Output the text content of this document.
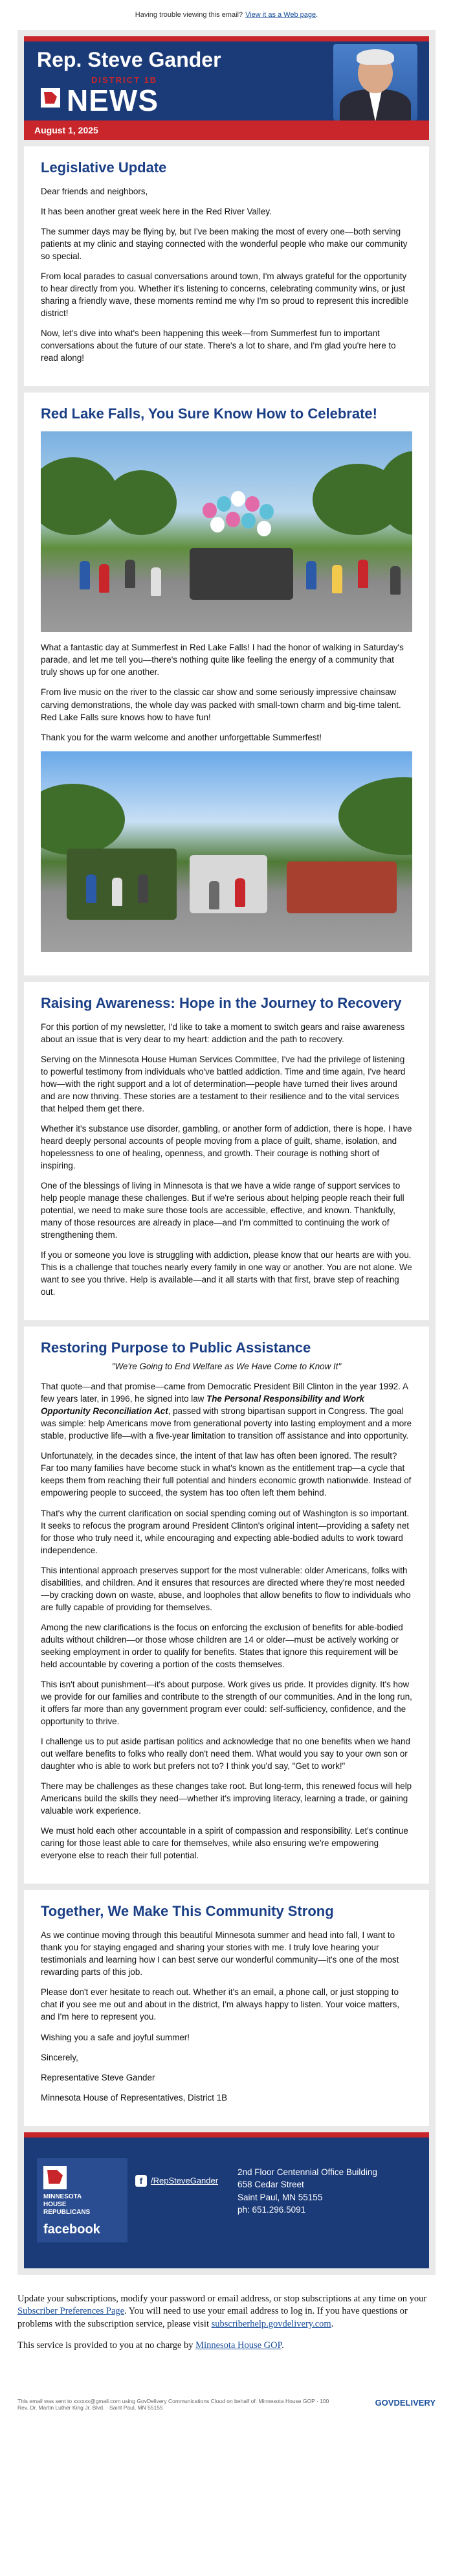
Having trouble viewing this email? View it as a Web page .
Rep. Steve Gander
DISTRICT 1B
NEWS
August 1, 2025
Legislative Update

Dear friends and neighbors,

It has been another great week here in the Red River Valley.

The summer days may be flying by, but I've been making the most of every one—both serving patients at my clinic and staying connected with the wonderful people who make our community so special.

From local parades to casual conversations around town, I'm always grateful for the opportunity to hear directly from you. Whether it's listening to concerns, celebrating community wins, or just sharing a friendly wave, these moments remind me why I'm so proud to represent this incredible district!

Now, let's dive into what's been happening this week—from Summerfest fun to important conversations about the future of our state. There's a lot to share, and I'm glad you're here to read along!

Red Lake Falls, You Sure Know How to Celebrate!

What a fantastic day at Summerfest in Red Lake Falls! I had the honor of walking in Saturday's parade, and let me tell you—there's nothing quite like feeling the energy of a community that truly shows up for one another.

From live music on the river to the classic car show and some seriously impressive chainsaw carving demonstrations, the whole day was packed with small-town charm and big-time talent. Red Lake Falls sure knows how to have fun!

Thank you for the warm welcome and another unforgettable Summerfest!

Raising Awareness: Hope in the Journey to Recovery

For this portion of my newsletter, I'd like to take a moment to switch gears and raise awareness about an issue that is very dear to my heart: addiction and the path to recovery.

Serving on the Minnesota House Human Services Committee, I've had the privilege of listening to powerful testimony from individuals who've battled addiction. Time and time again, I've heard how—with the right support and a lot of determination—people have turned their lives around and are now thriving. These stories are a testament to their resilience and to the vital services that helped them get there.

Whether it's substance use disorder, gambling, or another form of addiction, there is hope. I have heard deeply personal accounts of people moving from a place of guilt, shame, isolation, and hopelessness to one of healing, openness, and growth. Their courage is nothing short of inspiring.

One of the blessings of living in Minnesota is that we have a wide range of support services to help people manage these challenges. But if we're serious about helping people reach their full potential, we need to make sure those tools are accessible, effective, and known. Thankfully, many of those resources are already in place—and I'm committed to continuing the work of strengthening them.

If you or someone you love is struggling with addiction, please know that our hearts are with you. This is a challenge that touches nearly every family in one way or another. You are not alone. We want to see you thrive. Help is available—and it all starts with that first, brave step of reaching out.

Restoring Purpose to Public Assistance
"We're Going to End Welfare as We Have Come to Know It"

That quote—and that promise—came from Democratic President Bill Clinton in the year 1992. A few years later, in 1996, he signed into law The Personal Responsibility and Work Opportunity Reconciliation Act, passed with strong bipartisan support in Congress. The goal was simple: help Americans move from generational poverty into lasting employment and a more stable, productive life—with a five-year limitation to transition off assistance and into opportunity.

Unfortunately, in the decades since, the intent of that law has often been ignored. The result? Far too many families have become stuck in what's known as the entitlement trap—a cycle that keeps them from reaching their full potential and hinders economic growth nationwide. Instead of empowering people to succeed, the system has too often left them behind.

That's why the current clarification on social spending coming out of Washington is so important. It seeks to refocus the program around President Clinton's original intent—providing a safety net for those who truly need it, while encouraging and expecting able-bodied adults to work toward independence.

This intentional approach preserves support for the most vulnerable: older Americans, folks with disabilities, and children. And it ensures that resources are directed where they're most needed—by cracking down on waste, abuse, and loopholes that allow benefits to flow to individuals who are fully capable of providing for themselves.

Among the new clarifications is the focus on enforcing the exclusion of benefits for able-bodied adults without children—or those whose children are 14 or older—must be actively working or seeking employment in order to qualify for benefits. States that ignore this requirement will be held accountable by covering a portion of the costs themselves.

This isn't about punishment—it's about purpose. Work gives us pride. It provides dignity. It's how we provide for our families and contribute to the strength of our communities. And in the long run, it offers far more than any government program ever could: self-sufficiency, confidence, and the opportunity to thrive.

I challenge us to put aside partisan politics and acknowledge that no one benefits when we hand out welfare benefits to folks who really don't need them. What would you say to your own son or daughter who is able to work but prefers not to? I think you'd say, "Get to work!"

There may be challenges as these changes take root. But long-term, this renewed focus will help Americans build the skills they need—whether it's improving literacy, learning a trade, or gaining valuable work experience.

We must hold each other accountable in a spirit of compassion and responsibility. Let's continue caring for those least able to care for themselves, while also ensuring we're empowering everyone else to reach their full potential.

Together, We Make This Community Strong

As we continue moving through this beautiful Minnesota summer and head into fall, I want to thank you for staying engaged and sharing your stories with me. I truly love hearing your testimonials and learning how I can best serve our wonderful community—it's one of the most rewarding parts of this job.

Please don't ever hesitate to reach out. Whether it's an email, a phone call, or just stopping to chat if you see me out and about in the district, I'm always happy to listen. Your voice matters, and I'm here to represent you.

Wishing you a safe and joyful summer!

Sincerely,

Representative Steve Gander

Minnesota House of Representatives, District 1B

MINNESOTA
HOUSE
REPUBLICANS
facebook
f /RepSteveGander
2nd Floor Centennial Office Building
658 Cedar Street
Saint Paul, MN 55155
ph: 651.296.5091

Update your subscriptions, modify your password or email address, or stop subscriptions at any time on your Subscriber Preferences Page. You will need to use your email address to log in. If you have questions or problems with the subscription service, please visit subscriberhelp.govdelivery.com.

This service is provided to you at no charge by Minnesota House GOP.

This email was sent to xxxxxx@gmail.com using GovDelivery Communications Cloud on behalf of: Minnesota House GOP · 100
Rev. Dr. Martin Luther King Jr. Blvd. · Saint Paul, MN 55155	GOVDELIVERY
